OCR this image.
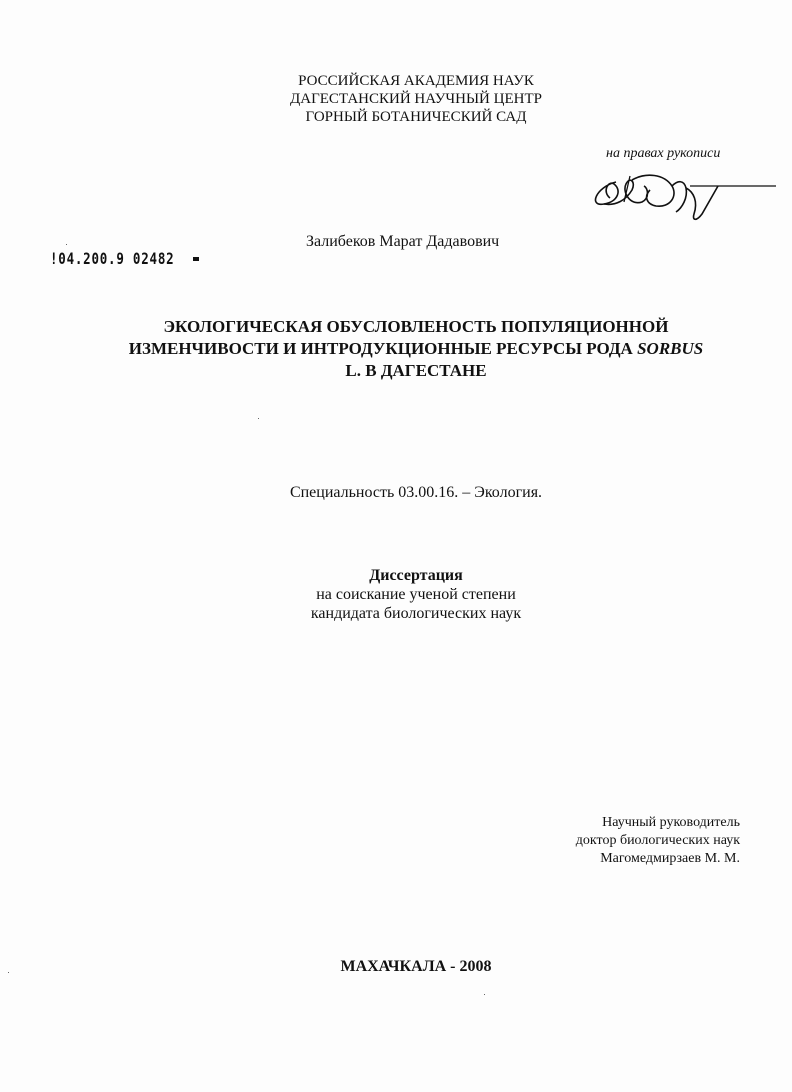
РОССИЙСКАЯ АКАДЕМИЯ НАУК
ДАГЕСТАНСКИЙ НАУЧНЫЙ ЦЕНТР
ГОРНЫЙ БОТАНИЧЕСКИЙ САД
на правах рукописи
Залибеков Марат Дадавович
!04.200.9 02482
ЭКОЛОГИЧЕСКАЯ ОБУСЛОВЛЕНОСТЬ ПОПУЛЯЦИОННОЙ
ИЗМЕНЧИВОСТИ И ИНТРОДУКЦИОННЫЕ РЕСУРСЫ РОДА SORBUS
L. В ДАГЕСТАНЕ
Специальность 03.00.16. – Экология.
Диссертация
на соискание ученой степени
кандидата биологических наук
Научный руководитель
доктор биологических наук
Магомедмирзаев М. М.
МАХАЧКАЛА - 2008
